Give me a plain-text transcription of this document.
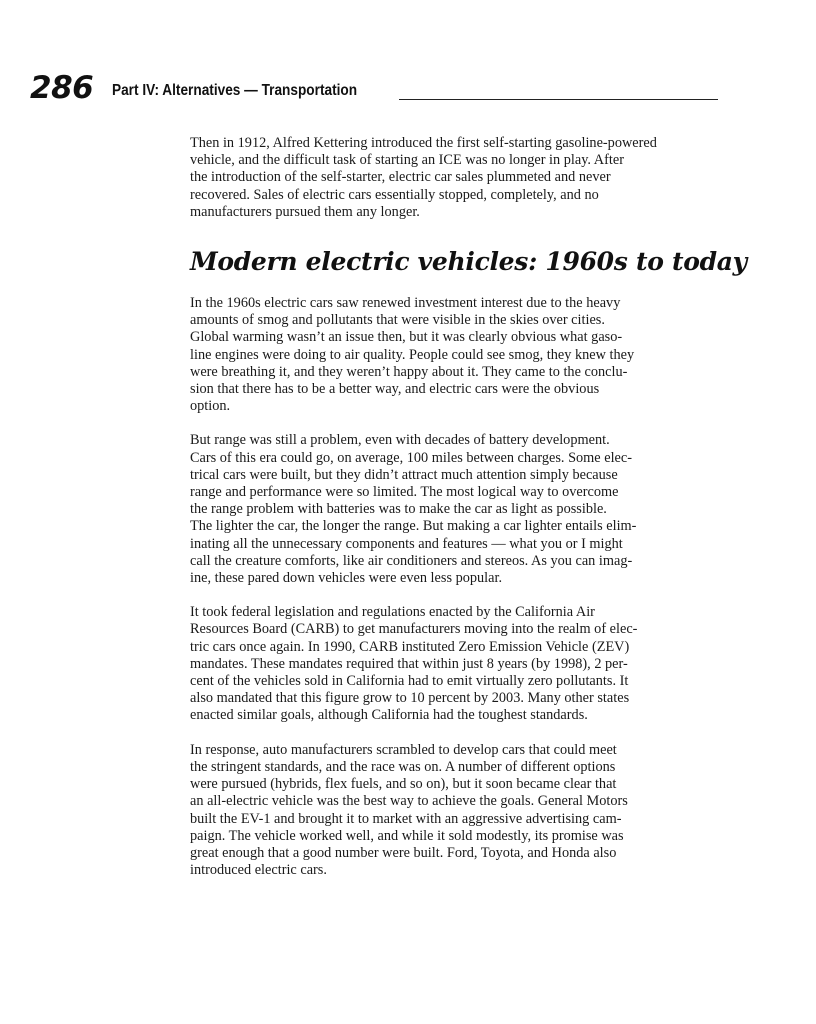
286 Part IV: Alternatives — Transportation

Then in 1912, Alfred Kettering introduced the first self-starting gasoline-powered
vehicle, and the difficult task of starting an ICE was no longer in play. After
the introduction of the self-starter, electric car sales plummeted and never
recovered. Sales of electric cars essentially stopped, completely, and no
manufacturers pursued them any longer.

Modern electric vehicles: 1960s to today

In the 1960s electric cars saw renewed investment interest due to the heavy
amounts of smog and pollutants that were visible in the skies over cities.
Global warming wasn’t an issue then, but it was clearly obvious what gaso-
line engines were doing to air quality. People could see smog, they knew they
were breathing it, and they weren’t happy about it. They came to the conclu-
sion that there has to be a better way, and electric cars were the obvious
option.

But range was still a problem, even with decades of battery development.
Cars of this era could go, on average, 100 miles between charges. Some elec-
trical cars were built, but they didn’t attract much attention simply because
range and performance were so limited. The most logical way to overcome
the range problem with batteries was to make the car as light as possible.
The lighter the car, the longer the range. But making a car lighter entails elim-
inating all the unnecessary components and features — what you or I might
call the creature comforts, like air conditioners and stereos. As you can imag-
ine, these pared down vehicles were even less popular.

It took federal legislation and regulations enacted by the California Air
Resources Board (CARB) to get manufacturers moving into the realm of elec-
tric cars once again. In 1990, CARB instituted Zero Emission Vehicle (ZEV)
mandates. These mandates required that within just 8 years (by 1998), 2 per-
cent of the vehicles sold in California had to emit virtually zero pollutants. It
also mandated that this figure grow to 10 percent by 2003. Many other states
enacted similar goals, although California had the toughest standards.

In response, auto manufacturers scrambled to develop cars that could meet
the stringent standards, and the race was on. A number of different options
were pursued (hybrids, flex fuels, and so on), but it soon became clear that
an all-electric vehicle was the best way to achieve the goals. General Motors
built the EV-1 and brought it to market with an aggressive advertising cam-
paign. The vehicle worked well, and while it sold modestly, its promise was
great enough that a good number were built. Ford, Toyota, and Honda also
introduced electric cars.
